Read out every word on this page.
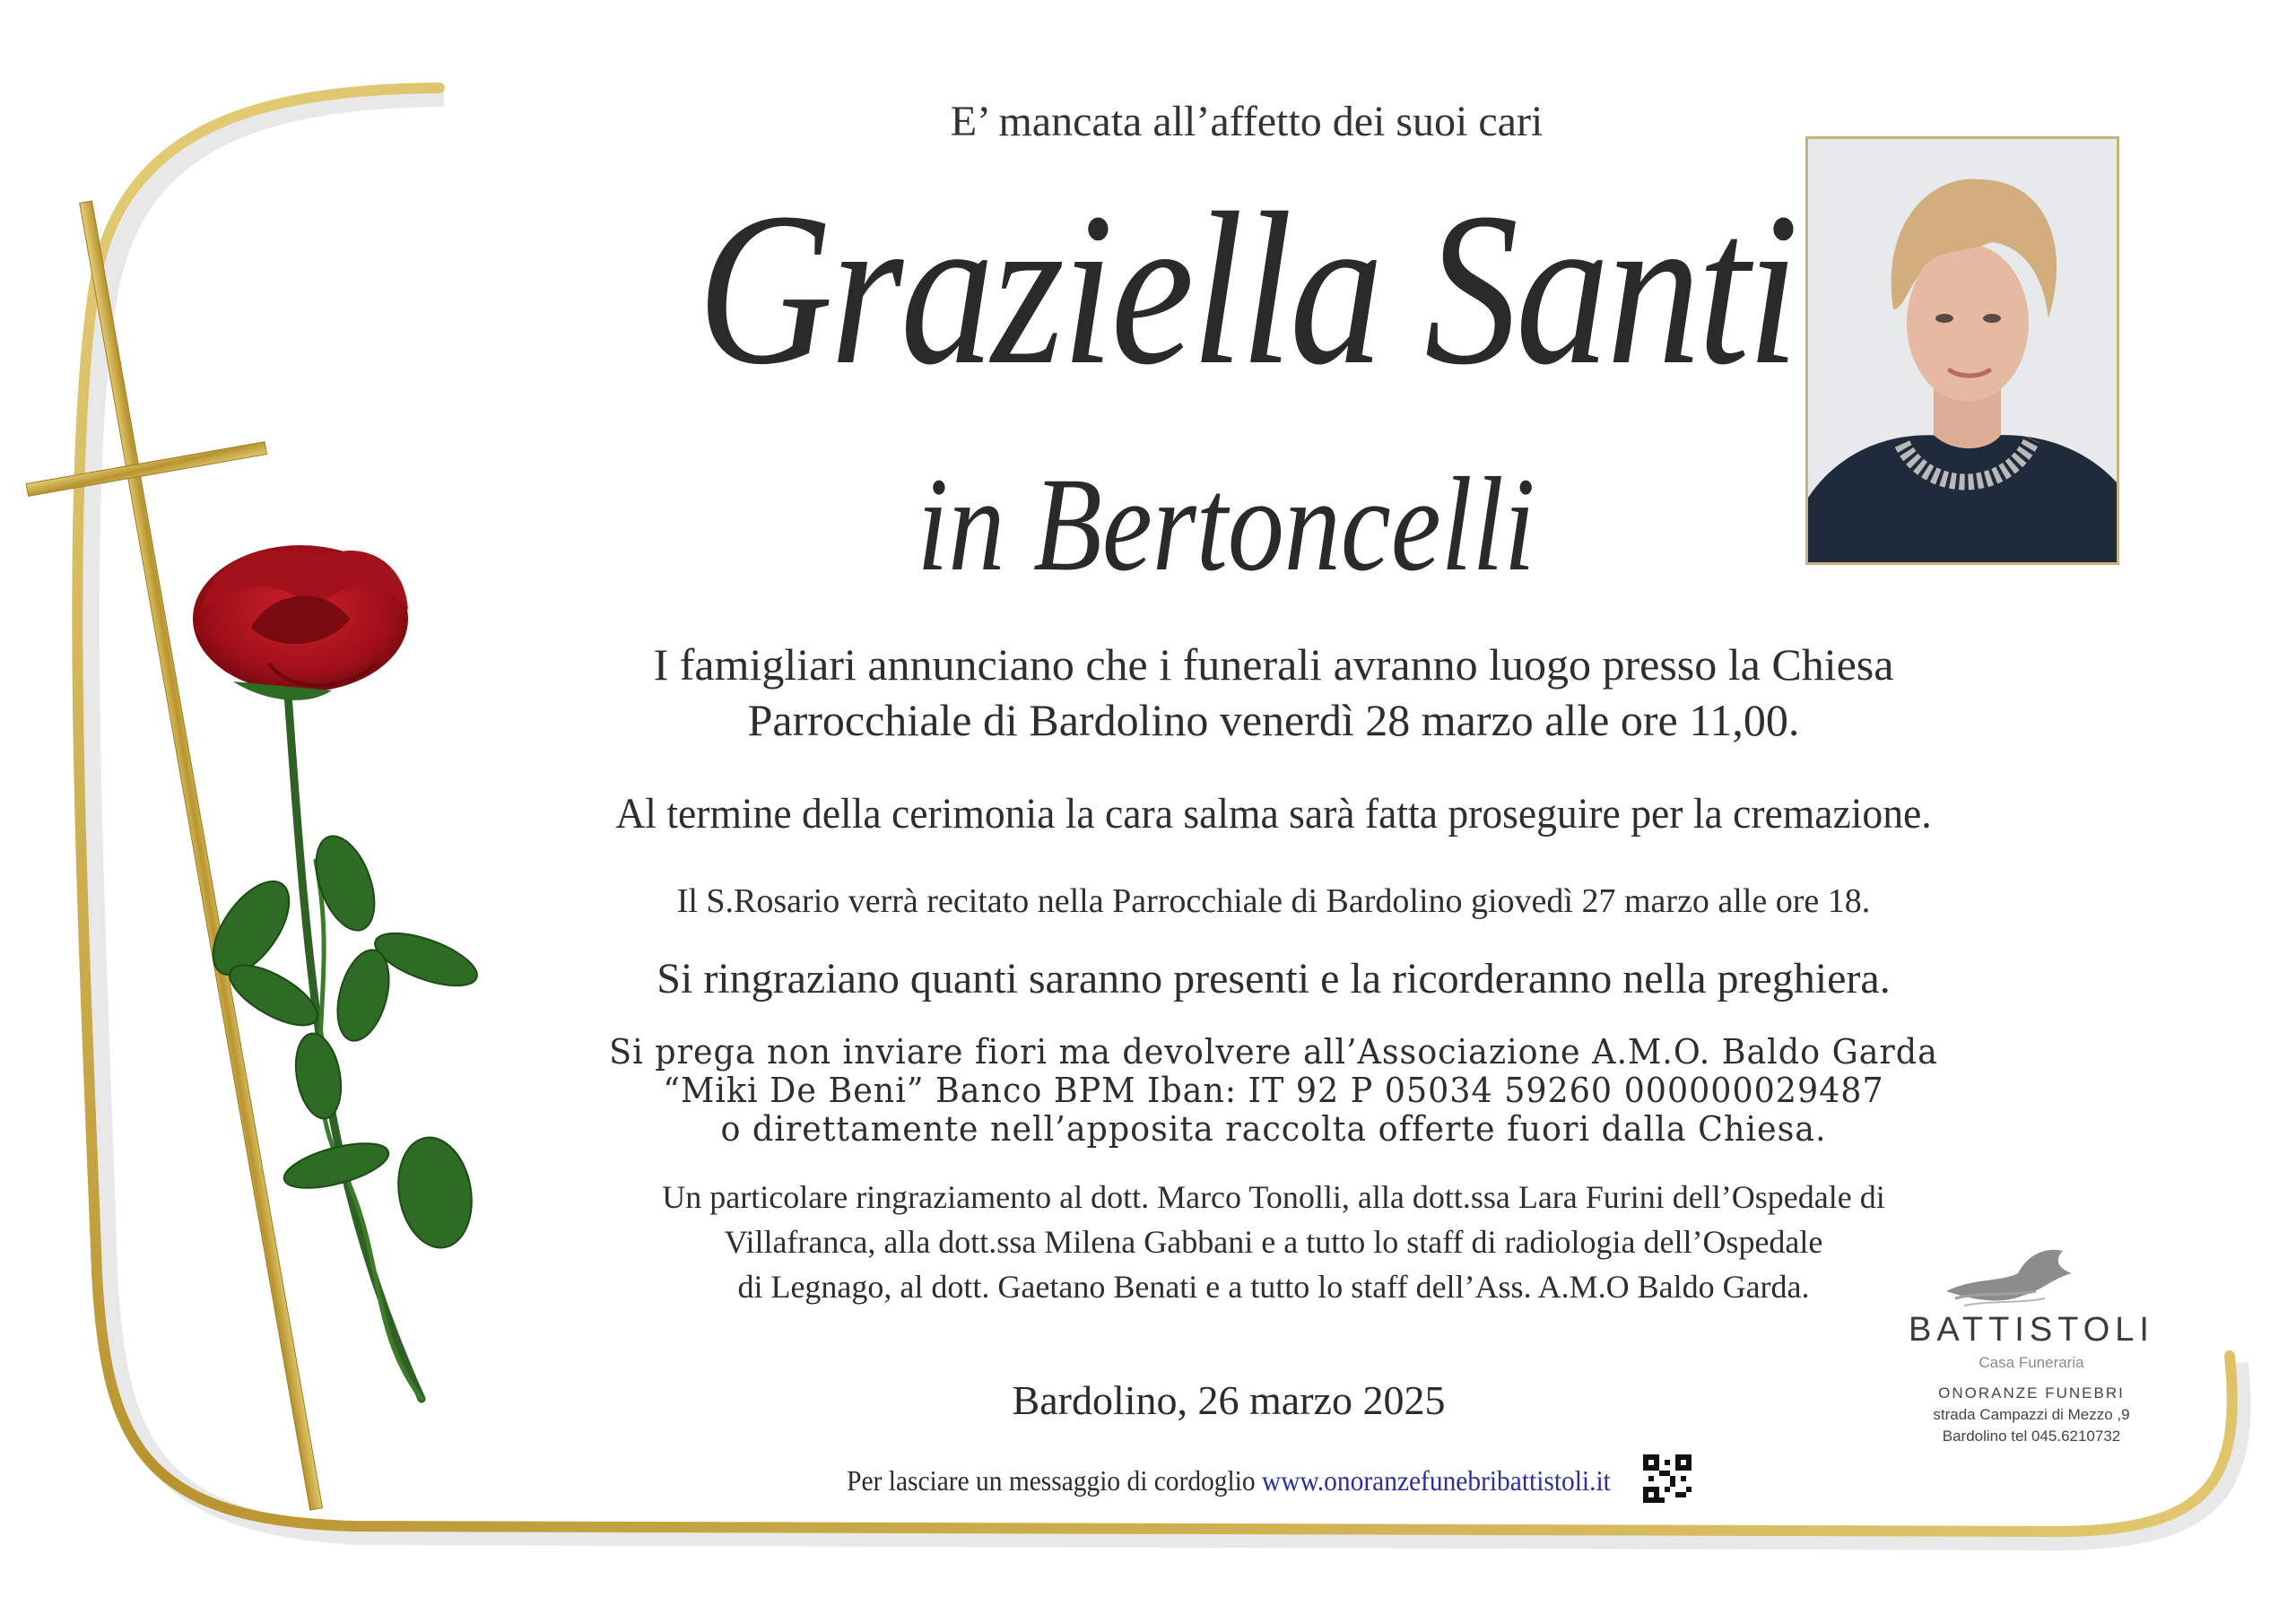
E’ mancata all’affetto dei suoi cari
Graziella Santi
in Bertoncelli
I famigliari annunciano che i funerali avranno luogo presso la Chiesa
Parrocchiale di Bardolino venerdì 28 marzo alle ore 11,00.
Al termine della cerimonia la cara salma sarà fatta proseguire per la cremazione.
Il S.Rosario verrà recitato nella Parrocchiale di Bardolino giovedì 27 marzo alle ore 18.
Si ringraziano quanti saranno presenti e la ricorderanno nella preghiera.
Si prega non inviare fiori ma devolvere all’Associazione A.M.O. Baldo Garda
“Miki De Beni” Banco BPM Iban: IT 92 P 05034 59260 000000029487
o direttamente nell’apposita raccolta offerte fuori dalla Chiesa.
Un particolare ringraziamento al dott. Marco Tonolli, alla dott.ssa Lara Furini dell’Ospedale di
Villafranca, alla dott.ssa Milena Gabbani e a tutto lo staff di radiologia dell’Ospedale
di Legnago, al dott. Gaetano Benati e a tutto lo staff dell’Ass. A.M.O Baldo Garda.
Bardolino, 26 marzo 2025
Per lasciare un messaggio di cordoglio www.onoranzefunebribattistoli.it
BATTISTOLI
Casa Funeraria
ONORANZE FUNEBRI
strada Campazzi di Mezzo ,9
Bardolino tel 045.6210732
